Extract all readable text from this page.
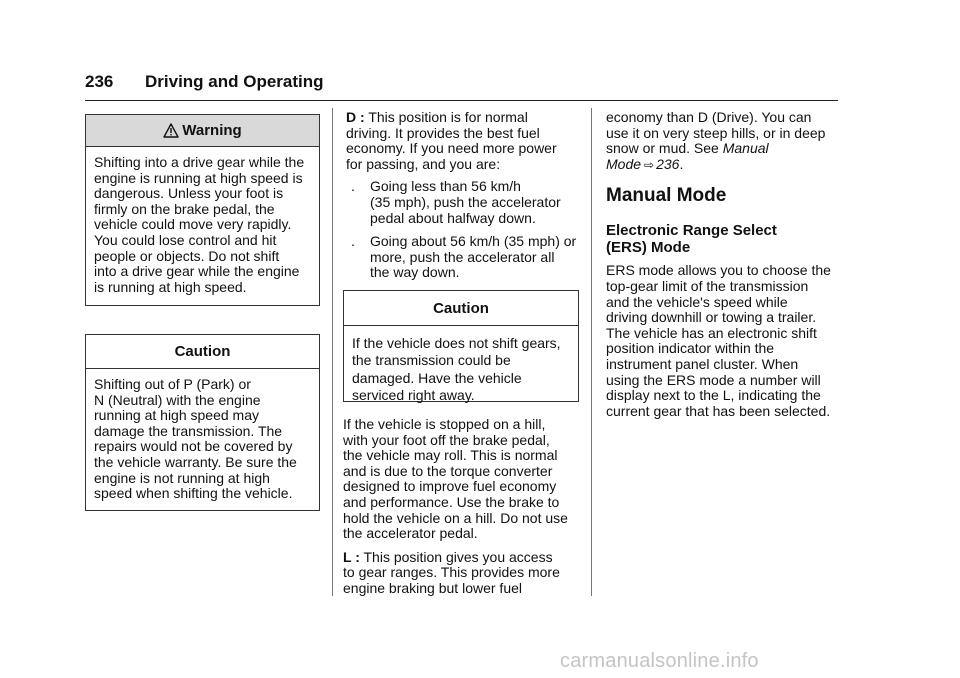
236 Driving and Operating
Warning
Shifting into a drive gear while the
engine is running at high speed is
dangerous. Unless your foot is
firmly on the brake pedal, the
vehicle could move very rapidly.
You could lose control and hit
people or objects. Do not shift
into a drive gear while the engine
is running at high speed.
Caution
Shifting out of P (Park) or
N (Neutral) with the engine
running at high speed may
damage the transmission. The
repairs would not be covered by
the vehicle warranty. Be sure the
engine is not running at high
speed when shifting the vehicle.
D : This position is for normal
driving. It provides the best fuel
economy. If you need more power
for passing, and you are:
. Going less than 56 km/h
(35 mph), push the accelerator
pedal about halfway down.
. Going about 56 km/h (35 mph) or
more, push the accelerator all
the way down.
Caution
If the vehicle does not shift gears,
the transmission could be
damaged. Have the vehicle
serviced right away.
If the vehicle is stopped on a hill,
with your foot off the brake pedal,
the vehicle may roll. This is normal
and is due to the torque converter
designed to improve fuel economy
and performance. Use the brake to
hold the vehicle on a hill. Do not use
the accelerator pedal.
L : This position gives you access
to gear ranges. This provides more
engine braking but lower fuel
economy than D (Drive). You can
use it on very steep hills, or in deep
snow or mud. See Manual
Mode ⇨ 236.
Manual Mode
Electronic Range Select
(ERS) Mode
ERS mode allows you to choose the
top-gear limit of the transmission
and the vehicle's speed while
driving downhill or towing a trailer.
The vehicle has an electronic shift
position indicator within the
instrument panel cluster. When
using the ERS mode a number will
display next to the L, indicating the
current gear that has been selected.
carmanualsonline.info
